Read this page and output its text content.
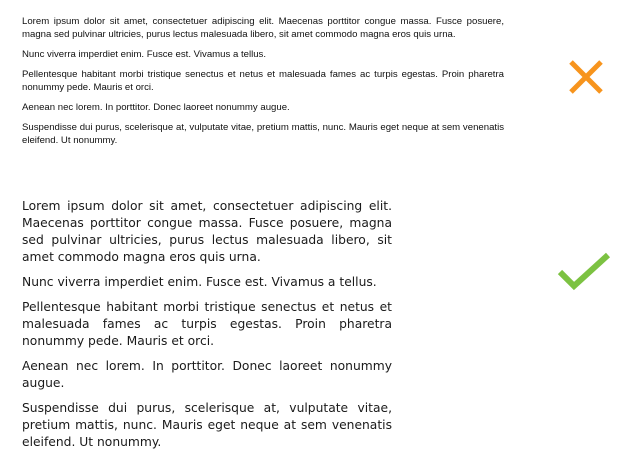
Lorem ipsum dolor sit amet, consectetuer adipiscing elit. Maecenas porttitor congue massa. Fusce posuere, magna sed pulvinar ultricies, purus lectus malesuada libero, sit amet commodo magna eros quis urna.

Nunc viverra imperdiet enim. Fusce est. Vivamus a tellus.

Pellentesque habitant morbi tristique senectus et netus et malesuada fames ac turpis egestas. Proin pharetra nonummy pede. Mauris et orci.

Aenean nec lorem. In porttitor. Donec laoreet nonummy augue.

Suspendisse dui purus, scelerisque at, vulputate vitae, pretium mattis, nunc. Mauris eget neque at sem venenatis eleifend. Ut nonummy.

Lorem ipsum dolor sit amet, consectetuer adipiscing elit. Maecenas porttitor congue massa. Fusce posuere, magna sed pulvinar ultricies, purus lectus malesuada libero, sit amet commodo magna eros quis urna.

Nunc viverra imperdiet enim. Fusce est. Vivamus a tellus.

Pellentesque habitant morbi tristique senectus et netus et malesuada fames ac turpis egestas. Proin pharetra nonummy pede. Mauris et orci.

Aenean nec lorem. In porttitor. Donec laoreet nonummy augue.

Suspendisse dui purus, scelerisque at, vulputate vitae, pretium mattis, nunc. Mauris eget neque at sem venenatis eleifend. Ut nonummy.
